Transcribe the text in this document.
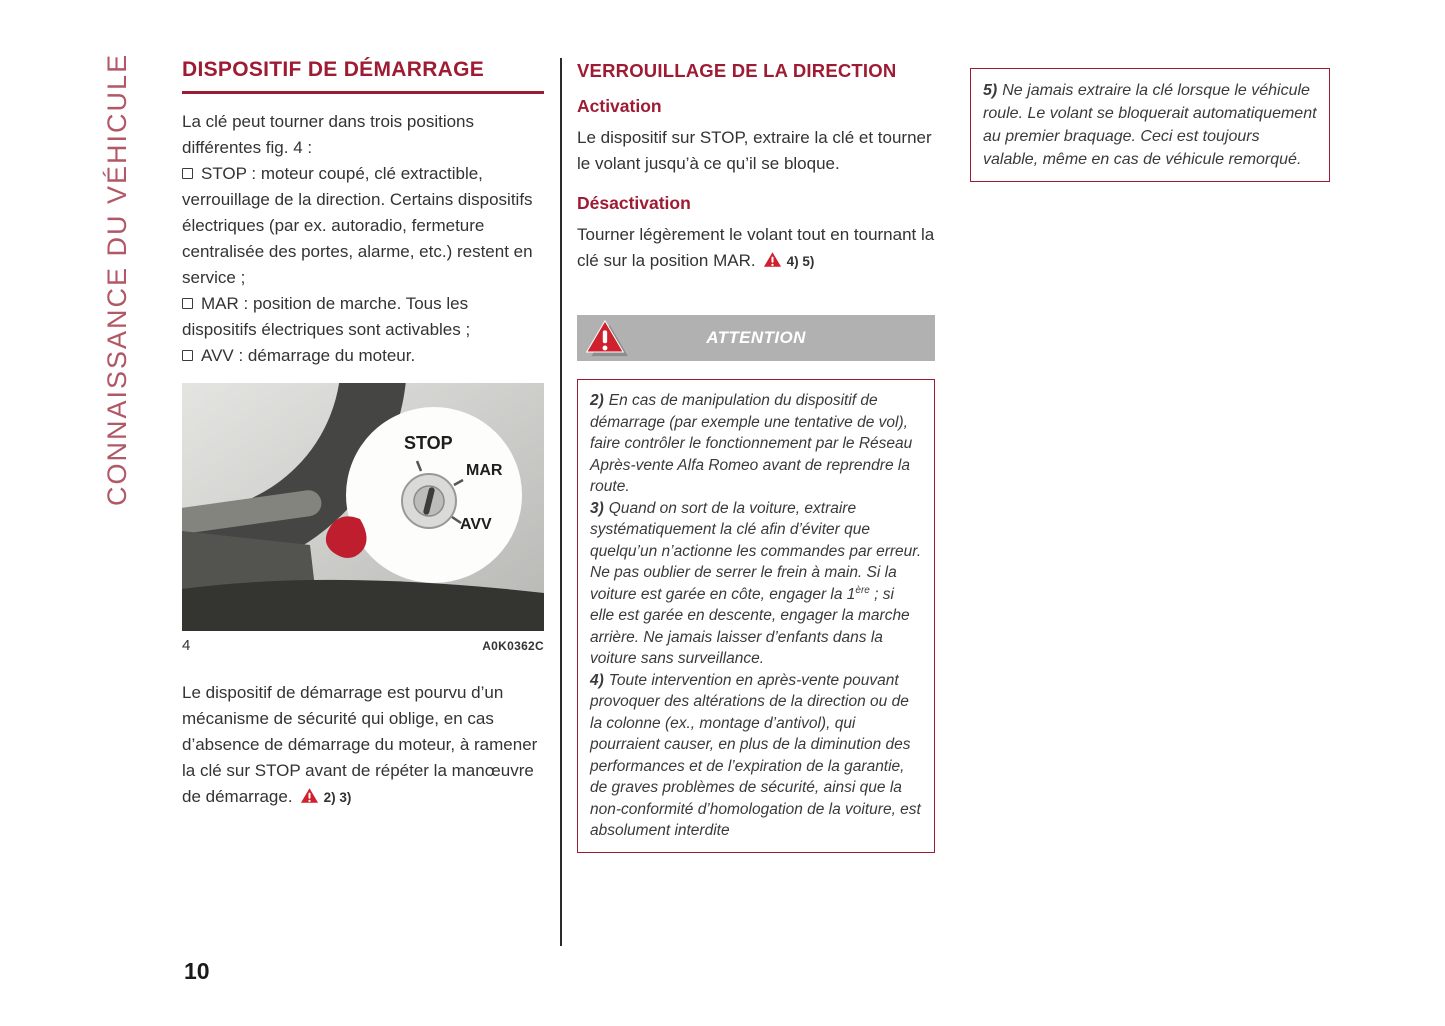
CONNAISSANCE DU VÉHICULE DISPOSITIF DE DÉMARRAGE

La clé peut tourner dans trois positions différentes fig. 4 :

STOP : moteur coupé, clé extractible, verrouillage de la direction. Certains dispositifs électriques (par ex. autoradio, fermeture centralisée des portes, alarme, etc.) restent en service ;

MAR : position de marche. Tous les dispositifs électriques sont activables ;

AVV : démarrage du moteur.

STOP
MAR
AVV
4	A0K0362C

Le dispositif de démarrage est pourvu d’un mécanisme de sécurité qui oblige, en cas d’absence de démarrage du moteur, à ramener la clé sur STOP avant de répéter la manœuvre de démarrage. 2) 3)

VERROUILLAGE DE LA DIRECTION
Activation

Le dispositif sur STOP, extraire la clé et tourner le volant jusqu’à ce qu’il se bloque.

Désactivation

Tourner légèrement le volant tout en tournant la clé sur la position MAR. 4) 5)

ATTENTION

2) En cas de manipulation du dispositif de démarrage (par exemple une tentative de vol), faire contrôler le fonctionnement par le Réseau Après-vente Alfa Romeo avant de reprendre la route.

3) Quand on sort de la voiture, extraire systématiquement la clé afin d’éviter que quelqu’un n’actionne les commandes par erreur. Ne pas oublier de serrer le frein à main. Si la voiture est garée en côte, engager la 1ère ; si elle est garée en descente, engager la marche arrière. Ne jamais laisser d’enfants dans la voiture sans surveillance.

4) Toute intervention en après-vente pouvant provoquer des altérations de la direction ou de la colonne (ex., montage d’antivol), qui pourraient causer, en plus de la diminution des performances et de l’expiration de la garantie, de graves problèmes de sécurité, ainsi que la non-conformité d’homologation de la voiture, est absolument interdite

5) Ne jamais extraire la clé lorsque le véhicule roule. Le volant se bloquerait automatiquement au premier braquage. Ceci est toujours valable, même en cas de véhicule remorqué.

10
